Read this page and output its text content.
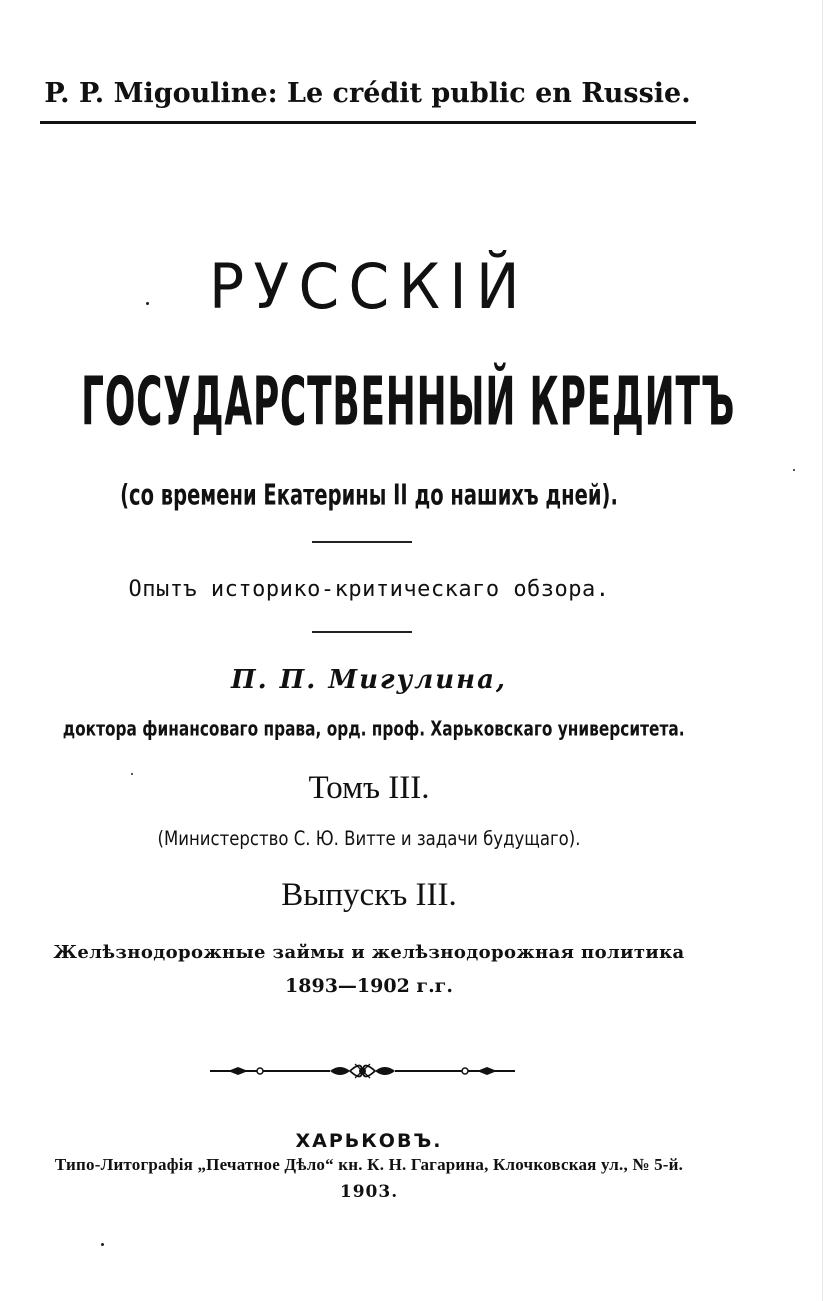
P. P. Migouline: Le crédit public en Russie.
РУССКІЙ
ГОСУДАРСТВЕННЫЙ КРЕДИТЪ
(со времени Екатерины II до нашихъ дней).
Опытъ историко-критическаго обзора.
П. П. Мигулина,
доктора финансоваго права, орд. проф. Харьковскаго университета.
Томъ III.
(Министерство С. Ю. Витте и задачи будущаго).
Выпускъ III.
Желѣзнодорожные займы и желѣзнодорожная политика
1893—1902 г.г.
ХАРЬКОВЪ.
Типо-Литографія „Печатное Дѣло“ кн. К. Н. Гагарина, Клочковская ул., № 5-й.
1903.
